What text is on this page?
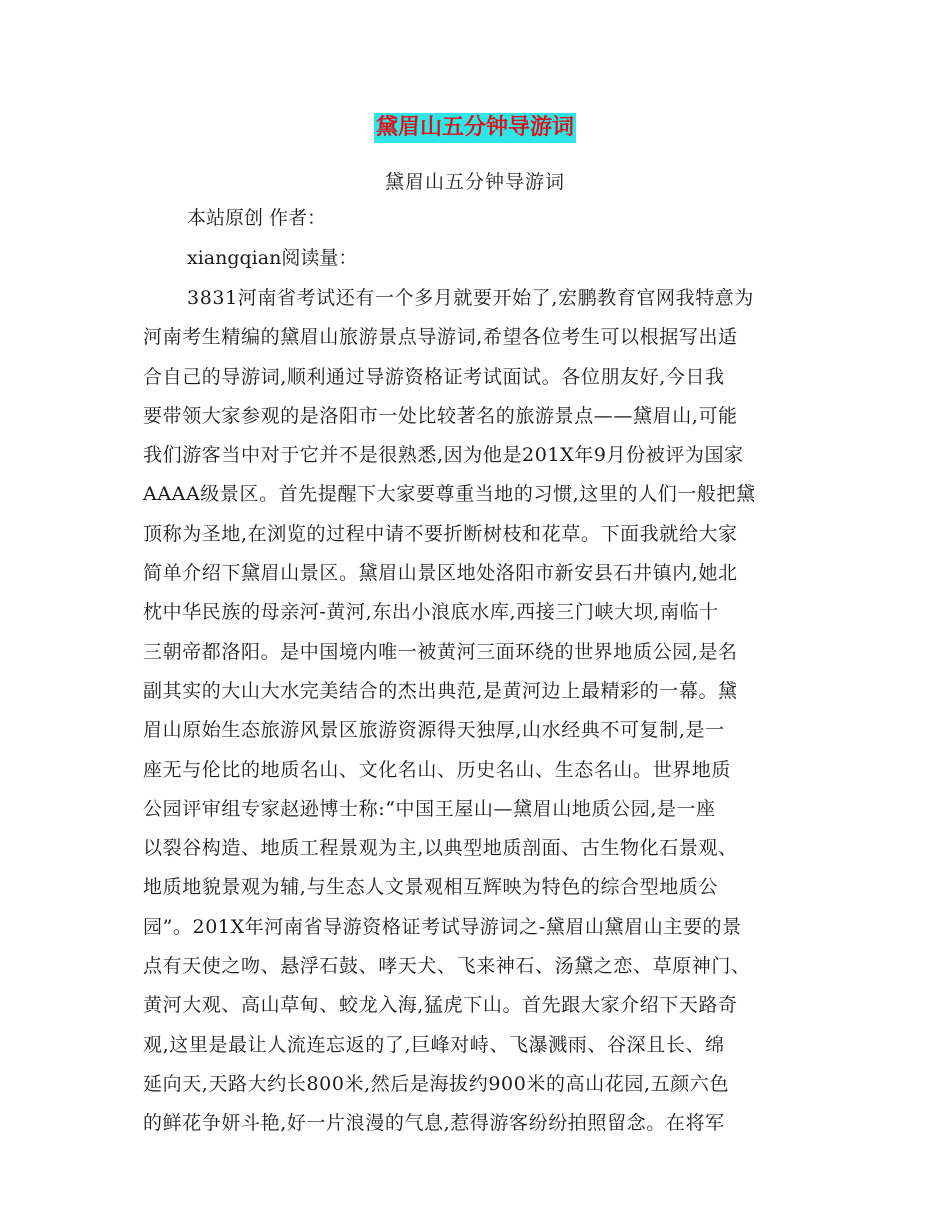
黛眉山五分钟导游词
黛眉山五分钟导游词
本站原创 作者：
xiangqian阅读量：
3831河南省考试还有一个多月就要开始了,宏鹏教育官网我特意为
河南考生精编的黛眉山旅游景点导游词,希望各位考生可以根据写出适
合自己的导游词,顺利通过导游资格证考试面试。各位朋友好,今日我
要带领大家参观的是洛阳市一处比较著名的旅游景点——黛眉山,可能
我们游客当中对于它并不是很熟悉,因为他是201X年9月份被评为国家
AAAA级景区。首先提醒下大家要尊重当地的习惯,这里的人们一般把黛
顶称为圣地,在浏览的过程中请不要折断树枝和花草。下面我就给大家
简单介绍下黛眉山景区。黛眉山景区地处洛阳市新安县石井镇内,她北
枕中华民族的母亲河-黄河,东出小浪底水库,西接三门峡大坝,南临十
三朝帝都洛阳。是中国境内唯一被黄河三面环绕的世界地质公园,是名
副其实的大山大水完美结合的杰出典范,是黄河边上最精彩的一幕。黛
眉山原始生态旅游风景区旅游资源得天独厚,山水经典不可复制,是一
座无与伦比的地质名山、文化名山、历史名山、生态名山。世界地质
公园评审组专家赵逊博士称:“中国王屋山—黛眉山地质公园,是一座
以裂谷构造、地质工程景观为主,以典型地质剖面、古生物化石景观、
地质地貌景观为辅,与生态人文景观相互辉映为特色的综合型地质公
园”。201X年河南省导游资格证考试导游词之-黛眉山黛眉山主要的景
点有天使之吻、悬浮石鼓、哮天犬、飞来神石、汤黛之恋、草原神门、
黄河大观、高山草甸、蛟龙入海,猛虎下山。首先跟大家介绍下天路奇
观,这里是最让人流连忘返的了,巨峰对峙、飞瀑溅雨、谷深且长、绵
延向天,天路大约长800米,然后是海拔约900米的高山花园,五颜六色
的鲜花争妍斗艳,好一片浪漫的气息,惹得游客纷纷拍照留念。在将军
